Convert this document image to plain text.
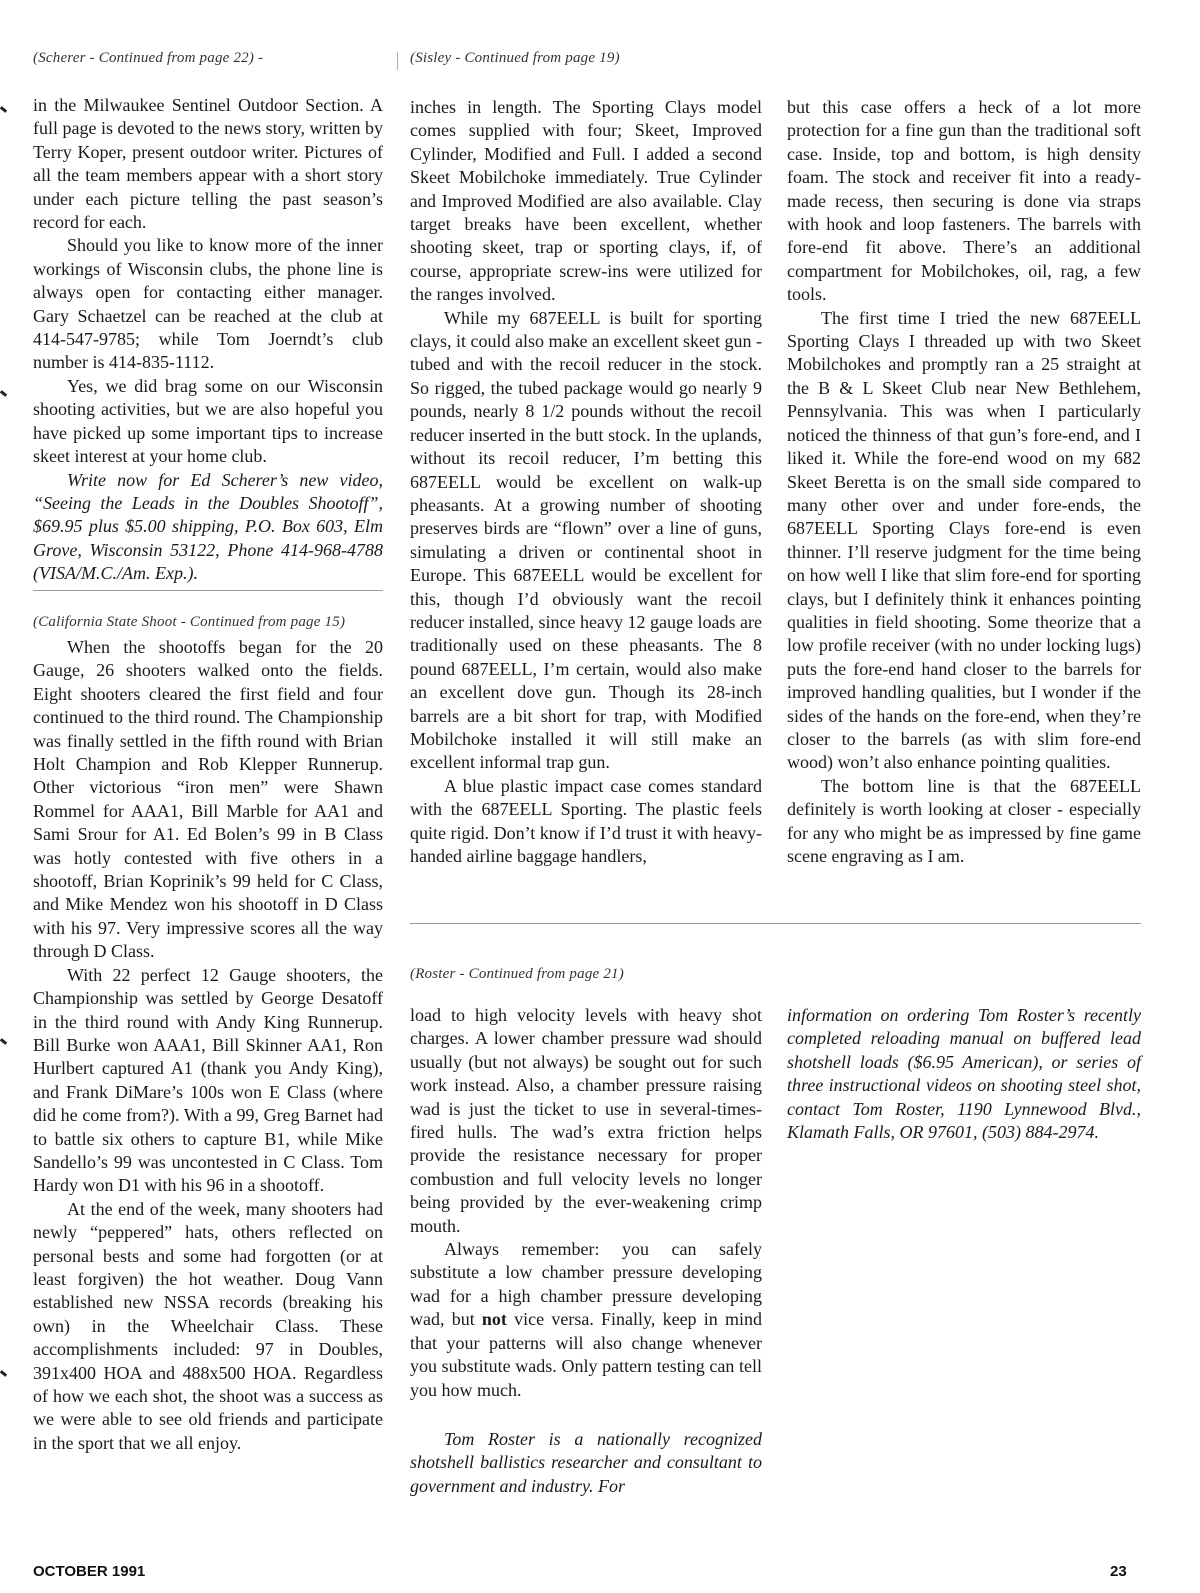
(Scherer - Continued from page 22) -

in the Milwaukee Sentinel Outdoor Section. A full page is devoted to the news story, written by Terry Koper, present outdoor writer. Pictures of all the team members appear with a short story under each picture telling the past season’s record for each.

Should you like to know more of the inner workings of Wisconsin clubs, the phone line is always open for contacting either manager. Gary Schaetzel can be reached at the club at 414-547-9785; while Tom Joerndt’s club number is 414-835-1112.

Yes, we did brag some on our Wisconsin shooting activities, but we are also hopeful you have picked up some important tips to increase skeet interest at your home club.

Write now for Ed Scherer’s new video, “Seeing the Leads in the Doubles Shootoff”, $69.95 plus $5.00 shipping, P.O. Box 603, Elm Grove, Wisconsin 53122, Phone 414-968-4788 (VISA/M.C./Am. Exp.).

(California State Shoot - Continued from page 15)

When the shootoffs began for the 20 Gauge, 26 shooters walked onto the fields. Eight shooters cleared the first field and four continued to the third round. The Championship was finally settled in the fifth round with Brian Holt Champion and Rob Klepper Runnerup. Other victorious “iron men” were Shawn Rommel for AAA1, Bill Marble for AA1 and Sami Srour for A1. Ed Bolen’s 99 in B Class was hotly contested with five others in a shootoff, Brian Koprinik’s 99 held for C Class, and Mike Mendez won his shootoff in D Class with his 97. Very impressive scores all the way through D Class.

With 22 perfect 12 Gauge shooters, the Championship was settled by George Desatoff in the third round with Andy King Runnerup. Bill Burke won AAA1, Bill Skinner AA1, Ron Hurlbert captured A1 (thank you Andy King), and Frank DiMare’s 100s won E Class (where did he come from?). With a 99, Greg Barnet had to battle six others to capture B1, while Mike Sandello’s 99 was uncontested in C Class. Tom Hardy won D1 with his 96 in a shootoff.

At the end of the week, many shooters had newly “peppered” hats, others reflected on personal bests and some had forgotten (or at least forgiven) the hot weather. Doug Vann established new NSSA records (breaking his own) in the Wheelchair Class. These accomplishments included: 97 in Doubles, 391x400 HOA and 488x500 HOA. Regardless of how we each shot, the shoot was a success as we were able to see old friends and participate in the sport that we all enjoy.

(Sisley - Continued from page 19)

inches in length. The Sporting Clays model comes supplied with four; Skeet, Improved Cylinder, Modified and Full. I added a second Skeet Mobilchoke immediately. True Cylinder and Improved Modified are also available. Clay target breaks have been excellent, whether shooting skeet, trap or sporting clays, if, of course, appropriate screw-ins were utilized for the ranges involved.

While my 687EELL is built for sporting clays, it could also make an excellent skeet gun - tubed and with the recoil reducer in the stock. So rigged, the tubed package would go nearly 9 pounds, nearly 8 1/2 pounds without the recoil reducer inserted in the butt stock. In the uplands, without its recoil reducer, I’m betting this 687EELL would be excellent on walk-up pheasants. At a growing number of shooting preserves birds are “flown” over a line of guns, simulating a driven or continental shoot in Europe. This 687EELL would be excellent for this, though I’d obviously want the recoil reducer installed, since heavy 12 gauge loads are traditionally used on these pheasants. The 8 pound 687EELL, I’m certain, would also make an excellent dove gun. Though its 28-inch barrels are a bit short for trap, with Modified Mobilchoke installed it will still make an excellent informal trap gun.

A blue plastic impact case comes standard with the 687EELL Sporting. The plastic feels quite rigid. Don’t know if I’d trust it with heavy-handed airline baggage handlers,

but this case offers a heck of a lot more protection for a fine gun than the traditional soft case. Inside, top and bottom, is high density foam. The stock and receiver fit into a ready-made recess, then securing is done via straps with hook and loop fasteners. The barrels with fore-end fit above. There’s an additional compartment for Mobilchokes, oil, rag, a few tools.

The first time I tried the new 687EELL Sporting Clays I threaded up with two Skeet Mobilchokes and promptly ran a 25 straight at the B & L Skeet Club near New Bethlehem, Pennsylvania. This was when I particularly noticed the thinness of that gun’s fore-end, and I liked it. While the fore-end wood on my 682 Skeet Beretta is on the small side compared to many other over and under fore-ends, the 687EELL Sporting Clays fore-end is even thinner. I’ll reserve judgment for the time being on how well I like that slim fore-end for sporting clays, but I definitely think it enhances pointing qualities in field shooting. Some theorize that a low profile receiver (with no under locking lugs) puts the fore-end hand closer to the barrels for improved handling qualities, but I wonder if the sides of the hands on the fore-end, when they’re closer to the barrels (as with slim fore-end wood) won’t also enhance pointing qualities.

The bottom line is that the 687EELL definitely is worth looking at closer - especially for any who might be as impressed by fine game scene engraving as I am.

(Roster - Continued from page 21)

load to high velocity levels with heavy shot charges. A lower chamber pressure wad should usually (but not always) be sought out for such work instead. Also, a chamber pressure raising wad is just the ticket to use in several-times-fired hulls. The wad’s extra friction helps provide the resistance necessary for proper combustion and full velocity levels no longer being provided by the ever-weakening crimp mouth.

Always remember: you can safely substitute a low chamber pressure developing wad for a high chamber pressure developing wad, but not vice versa. Finally, keep in mind that your patterns will also change whenever you substitute wads. Only pattern testing can tell you how much.

Tom Roster is a nationally recognized shotshell ballistics researcher and consultant to government and industry. For

information on ordering Tom Roster’s recently completed reloading manual on buffered lead shotshell loads ($6.95 American), or series of three instructional videos on shooting steel shot, contact Tom Roster, 1190 Lynnewood Blvd., Klamath Falls, OR 97601, (503) 884-2974.

OCTOBER 1991	23
